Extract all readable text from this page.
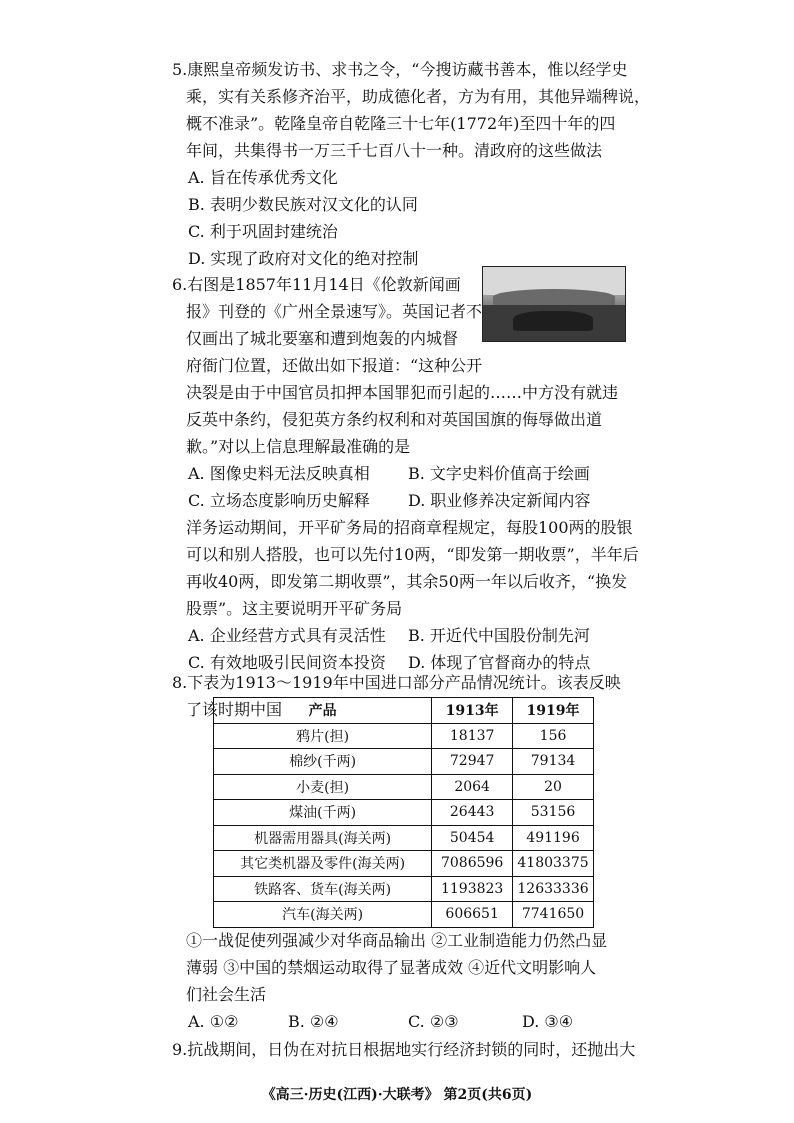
5.康熙皇帝频发访书、求书之令，“今搜访藏书善本，惟以经学史
乘，实有关系修齐治平，助成德化者，方为有用，其他异端稗说，
概不准录”。乾隆皇帝自乾隆三十七年(1772年)至四十年的四
年间，共集得书一万三千七百八十一种。清政府的这些做法
A. 旨在传承优秀文化
B. 表明少数民族对汉文化的认同
C. 利于巩固封建统治
D. 实现了政府对文化的绝对控制
6.右图是1857年11月14日《伦敦新闻画
报》刊登的《广州全景速写》。英国记者不
仅画出了城北要塞和遭到炮轰的内城督
府衙门位置，还做出如下报道：“这种公开
决裂是由于中国官员扣押本国罪犯而引起的……中方没有就违
反英中条约，侵犯英方条约权利和对英国国旗的侮辱做出道
歉。”对以上信息理解最准确的是
A. 图像史料无法反映真相 B. 文字史料价值高于绘画
C. 立场态度影响历史解释 D. 职业修养决定新闻内容
洋务运动期间，开平矿务局的招商章程规定，每股100两的股银
可以和别人搭股，也可以先付10两，“即发第一期收票”，半年后
再收40两，即发第二期收票”，其余50两一年以后收齐，“换发
股票”。这主要说明开平矿务局
A. 企业经营方式具有灵活性 B. 开近代中国股份制先河
C. 有效地吸引民间资本投资 D. 体现了官督商办的特点
8.下表为1913～1919年中国进口部分产品情况统计。该表反映
产品	1913年	1919年
鸦片(担)	18137	156
棉纱(千两)	72947	79134
小麦(担)	2064	20
煤油(千两)	26443	53156
机器需用器具(海关两)	50454	491196
其它类机器及零件(海关两)	7086596	41803375
铁路客、货车(海关两)	1193823	12633336
汽车(海关两)	606651	7741650
了该时期中国
①一战促使列强减少对华商品输出 ②工业制造能力仍然凸显
薄弱 ③中国的禁烟运动取得了显著成效 ④近代文明影响人
们社会生活
A. ①②	B. ②④	C. ②③	D. ③④
9.抗战期间，日伪在对抗日根据地实行经济封锁的同时，还抛出大
《高三·历史(江西)·大联考》 第2页(共6页)
